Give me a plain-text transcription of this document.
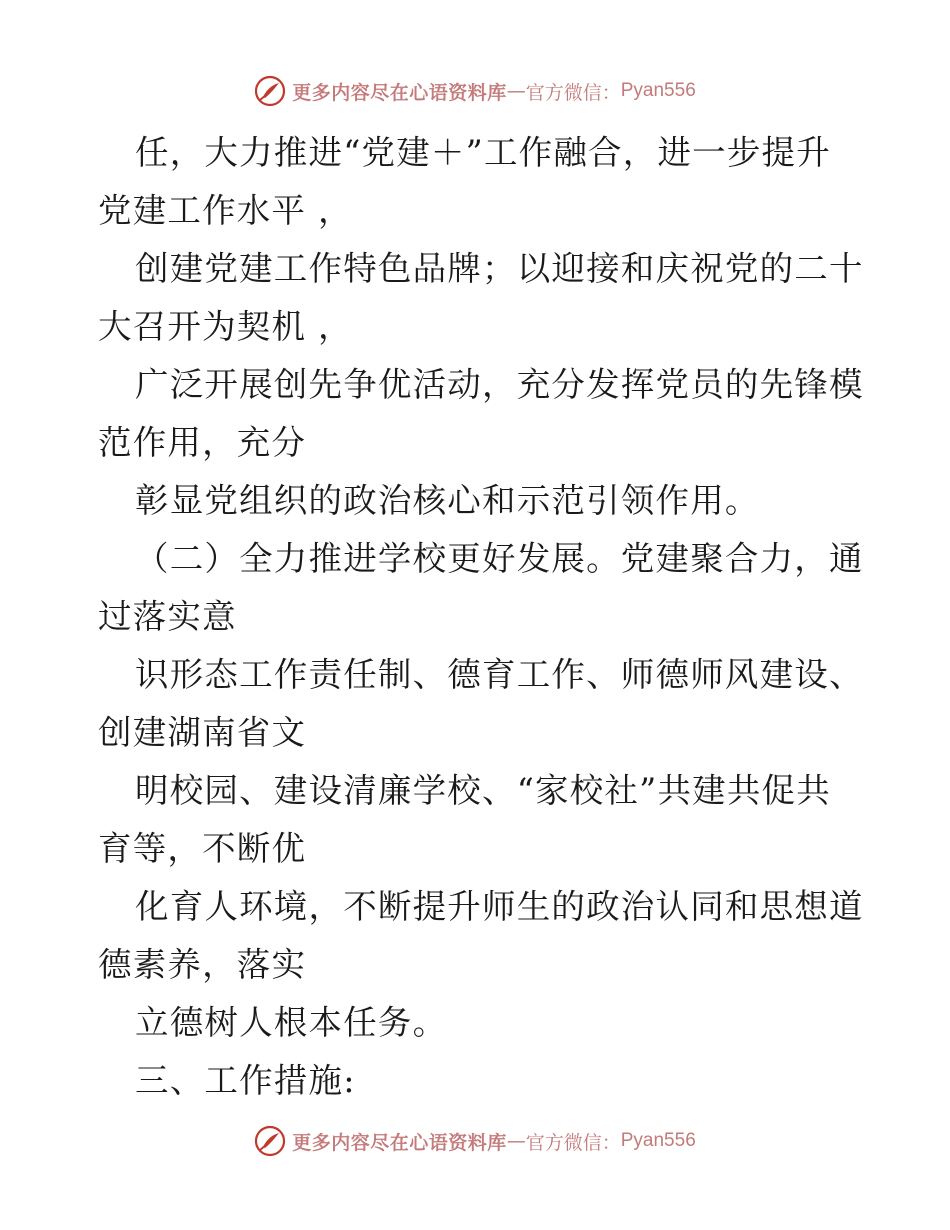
更多内容尽在心语资料库 — 官方微信： Pyan556
任，大力推进“党建＋”工作融合，进一步提升
党建工作水平 ，
创建党建工作特色品牌；以迎接和庆祝党的二十
大召开为契机 ，
广泛开展创先争优活动，充分发挥党员的先锋模
范作用，充分
彰显党组织的政治核心和示范引领作用。
（二）全力推进学校更好发展。党建聚合力，通
过落实意
识形态工作责任制、德育工作、师德师风建设、
创建湖南省文
明校园、建设清廉学校、“家校社”共建共促共
育等，不断优
化育人环境，不断提升师生的政治认同和思想道
德素养，落实
立德树人根本任务。
三、工作措施:
更多内容尽在心语资料库 — 官方微信： Pyan556
